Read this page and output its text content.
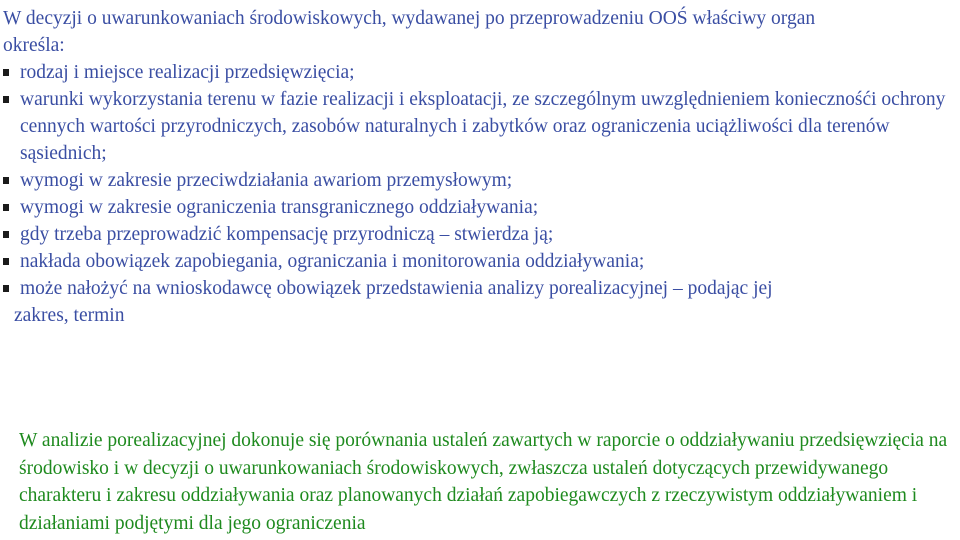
W decyzji o uwarunkowaniach środowiskowych, wydawanej po przeprowadzeniu OOŚ właściwy organ
określa:

rodzaj i miejsce realizacji przedsięwzięcia;
warunki wykorzystania terenu w fazie realizacji i eksploatacji, ze szczególnym uwzględnieniem koniecznośći ochrony cennych wartości przyrodniczych, zasobów naturalnych i zabytków oraz ograniczenia uciążliwości dla terenów sąsiednich;
wymogi w zakresie przeciwdziałania awariom przemysłowym;
wymogi w zakresie ograniczenia transgranicznego oddziaływania;
gdy trzeba przeprowadzić kompensację przyrodniczą – stwierdza ją;
nakłada obowiązek zapobiegania, ograniczania i monitorowania oddziaływania;
może nałożyć na wnioskodawcę obowiązek przedstawienia analizy porealizacyjnej – podając jej
zakres, termin

W analizie porealizacyjnej dokonuje się porównania ustaleń zawartych w raporcie o oddziaływaniu przedsięwzięcia na środowisko i w decyzji o uwarunkowaniach środowiskowych, zwłaszcza ustaleń dotyczących przewidywanego charakteru i zakresu oddziaływania oraz planowanych działań zapobiegawczych z rzeczywistym oddziaływaniem i działaniami podjętymi dla jego ograniczenia
